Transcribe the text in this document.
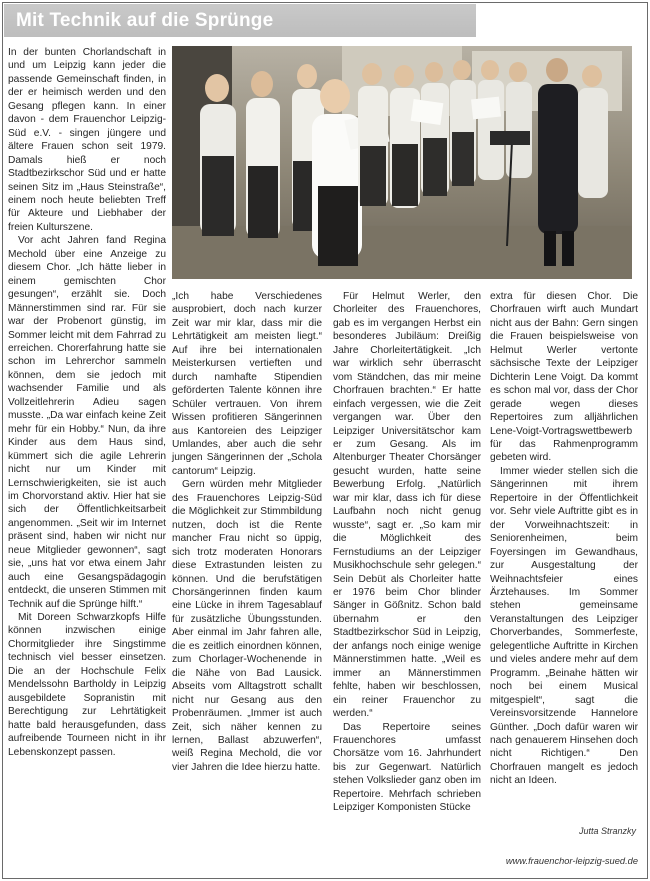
Mit Technik auf die Sprünge

In der bunten Chorlandschaft in und um Leipzig kann jeder die passende Gemeinschaft finden, in der er heimisch werden und den Gesang pflegen kann. In einer davon - dem Frauenchor Leipzig-Süd e.V. - singen jüngere und ältere Frauen schon seit 1979. Damals hieß er noch Stadtbezirkschor Süd und er hatte seinen Sitz im „Haus Steinstraße“, einem noch heute beliebten Treff für Akteure und Liebhaber der freien Kulturszene.

Vor acht Jahren fand Regina Mechold über eine Anzeige zu diesem Chor. „Ich hätte lieber in einem gemischten Chor gesungen“, erzählt sie. Doch Männerstimmen sind rar. Für sie war der Probenort günstig, im Sommer leicht mit dem Fahrrad zu erreichen. Chorerfahrung hatte sie schon im Lehrerchor sammeln können, dem sie jedoch mit wachsender Familie und als Vollzeitlehrerin Adieu sagen musste. „Da war einfach keine Zeit mehr für ein Hobby.“ Nun, da ihre Kinder aus dem Haus sind, kümmert sich die agile Lehrerin nicht nur um Kinder mit Lernschwierigkeiten, sie ist auch im Chorvorstand aktiv. Hier hat sie sich der Öffentlichkeitsarbeit angenommen. „Seit wir im Internet präsent sind, haben wir nicht nur neue Mitglieder gewonnen“, sagt sie, „uns hat vor etwa einem Jahr auch eine Gesangspädagogin entdeckt, die unseren Stimmen mit Technik auf die Sprünge hilft.“

Mit Doreen Schwarzkopfs Hilfe können inzwischen einige Chormitglieder ihre Singstimme technisch viel besser einsetzen. Die an der Hochschule Felix Mendelssohn Bartholdy in Leipzig ausgebildete Sopranistin mit Berechtigung zur Lehrtätigkeit hatte bald herausgefunden, dass aufreibende Tourneen nicht in ihr Lebenskonzept passen.

„Ich habe Verschiedenes ausprobiert, doch nach kurzer Zeit war mir klar, dass mir die Lehrtätigkeit am meisten liegt.“ Auf ihre bei internationalen Meisterkursen vertieften und durch namhafte Stipendien geförderten Talente können ihre Schüler vertrauen. Von ihrem Wissen profitieren Sängerinnen aus Kantoreien des Leipziger Umlandes, aber auch die sehr jungen Sängerinnen der „Schola cantorum“ Leipzig.

Gern würden mehr Mitglieder des Frauenchores Leipzig-Süd die Möglichkeit zur Stimmbildung nutzen, doch ist die Rente mancher Frau nicht so üppig, sich trotz moderaten Honorars diese Extrastunden leisten zu können. Und die berufstätigen Chorsängerinnen finden kaum eine Lücke in ihrem Tagesablauf für zusätzliche Übungsstunden. Aber einmal im Jahr fahren alle, die es zeitlich einordnen können, zum Chorlager-Wochenende in die Nähe von Bad Lausick. Abseits vom Alltagstrott schallt nicht nur Gesang aus den Probenräumen. „Immer ist auch Zeit, sich näher kennen zu lernen, Ballast abzuwerfen“, weiß Regina Mechold, die vor vier Jahren die Idee hierzu hatte.

Für Helmut Werler, den Chorleiter des Frauenchores, gab es im vergangen Herbst ein besonderes Jubiläum: Dreißig Jahre Chorleitertätigkeit. „Ich war wirklich sehr überrascht vom Ständchen, das mir meine Chorfrauen brachten.“ Er hatte einfach vergessen, wie die Zeit vergangen war. Über den Leipziger Universitätschor kam er zum Gesang. Als im Altenburger Theater Chorsänger gesucht wurden, hatte seine Bewerbung Erfolg. „Natürlich war mir klar, dass ich für diese Laufbahn noch nicht genug wusste“, sagt er. „So kam mir die Möglichkeit des Fernstudiums an der Leipziger Musikhochschule sehr gelegen.“ Sein Debüt als Chorleiter hatte er 1976 beim Chor blinder Sänger in Gößnitz. Schon bald übernahm er den Stadtbezirkschor Süd in Leipzig, der anfangs noch einige wenige Männerstimmen hatte. „Weil es immer an Männerstimmen fehlte, haben wir beschlossen, ein reiner Frauenchor zu werden.“

Das Repertoire seines Frauenchores umfasst Chorsätze vom 16. Jahrhundert bis zur Gegenwart. Natürlich stehen Volkslieder ganz oben im Repertoire. Mehrfach schrieben Leipziger Komponisten Stücke

extra für diesen Chor. Die Chorfrauen wirft auch Mundart nicht aus der Bahn: Gern singen die Frauen beispielsweise von Helmut Werler vertonte sächsische Texte der Leipziger Dichterin Lene Voigt. Da kommt es schon mal vor, dass der Chor gerade wegen dieses Repertoires zum alljährlichen Lene-Voigt-Vortragswettbewerb für das Rahmenprogramm gebeten wird.

Immer wieder stellen sich die Sängerinnen mit ihrem Repertoire in der Öffentlichkeit vor. Sehr viele Auftritte gibt es in der Vorweihnachtszeit: in Seniorenheimen, beim Foyersingen im Gewandhaus, zur Ausgestaltung der Weihnachtsfeier eines Ärztehauses. Im Sommer stehen gemeinsame Veranstaltungen des Leipziger Chorverbandes, Sommerfeste, gelegentliche Auftritte in Kirchen und vieles andere mehr auf dem Programm. „Beinahe hätten wir noch bei einem Musical mitgespielt“, sagt die Vereinsvorsitzende Hannelore Günther. „Doch dafür waren wir nach genauerem Hinsehen doch nicht Richtigen.“ Den Chorfrauen mangelt es jedoch nicht an Ideen.

Jutta Stranzky
www.frauenchor-leipzig-sued.de
